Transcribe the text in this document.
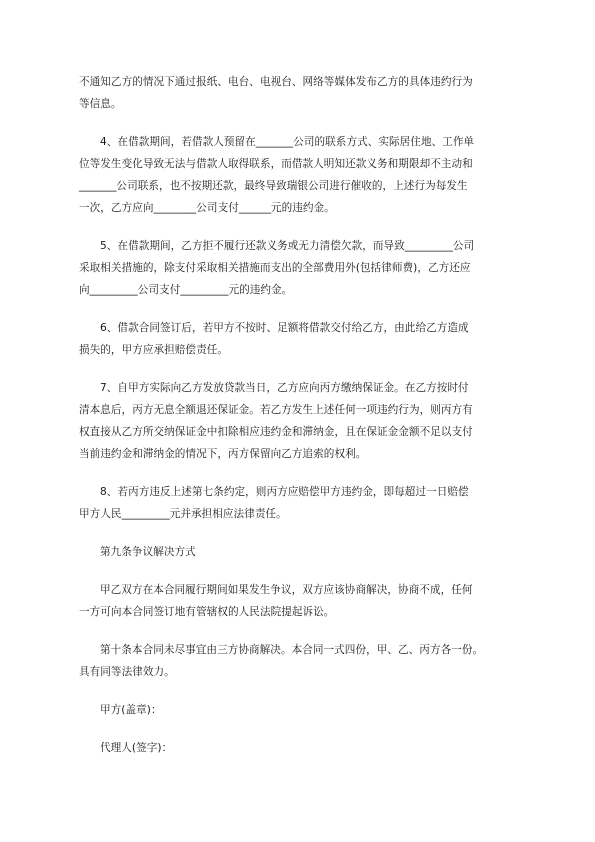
不通知乙方的情况下通过报纸、电台、电视台、网络等媒体发布乙方的具体违约行为
等信息。
4、在借款期间，若借款人预留在_______公司的联系方式、实际居住地、工作单
位等发生变化导致无法与借款人取得联系，而借款人明知还款义务和期限却不主动和
_______公司联系，也不按期还款，最终导致瑞银公司进行催收的，上述行为每发生
一次，乙方应向________公司支付______元的违约金。
5、在借款期间，乙方拒不履行还款义务或无力清偿欠款，而导致_________公司
采取相关措施的，除支付采取相关措施而支出的全部费用外(包括律师费)，乙方还应
向_________公司支付_________元的违约金。
6、借款合同签订后，若甲方不按时、足额将借款交付给乙方，由此给乙方造成
损失的，甲方应承担赔偿责任。
7、自甲方实际向乙方发放贷款当日，乙方应向丙方缴纳保证金。在乙方按时付
清本息后，丙方无息全额退还保证金。若乙方发生上述任何一项违约行为，则丙方有
权直接从乙方所交纳保证金中扣除相应违约金和滞纳金，且在保证金金额不足以支付
当前违约金和滞纳金的情况下，丙方保留向乙方追索的权利。
8、若丙方违反上述第七条约定，则丙方应赔偿甲方违约金，即每超过一日赔偿
甲方人民_________元并承担相应法律责任。
第九条争议解决方式
甲乙双方在本合同履行期间如果发生争议，双方应该协商解决，协商不成，任何
一方可向本合同签订地有管辖权的人民法院提起诉讼。
第十条本合同未尽事宜由三方协商解决。本合同一式四份，甲、乙、丙方各一份。
具有同等法律效力。
甲方(盖章)：
代理人(签字)：
